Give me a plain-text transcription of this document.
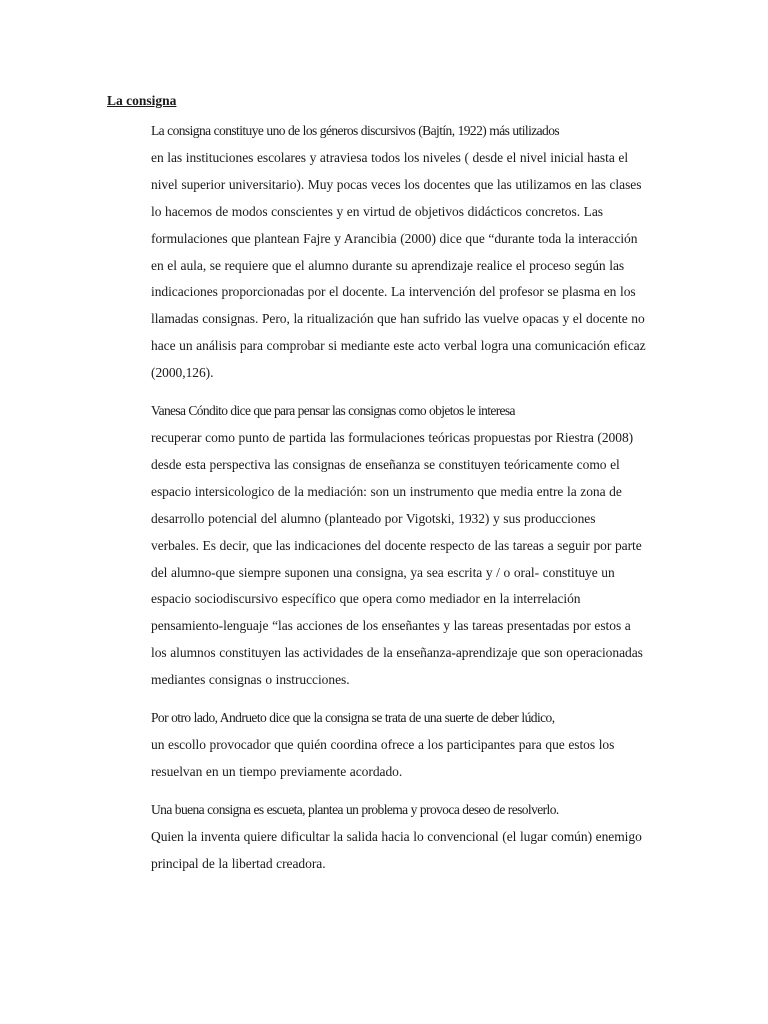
La consigna

La consigna constituye uno de los géneros discursivos (Bajtín, 1922) más utilizados
en las instituciones escolares y atraviesa todos los niveles ( desde el nivel inicial hasta el
nivel superior universitario). Muy pocas veces los docentes que las utilizamos en las clases
lo hacemos de modos conscientes y en virtud de objetivos didácticos concretos. Las
formulaciones que plantean Fajre y Arancibia (2000) dice que “durante toda la interacción
en el aula, se requiere que el alumno durante su aprendizaje realice el proceso según las
indicaciones proporcionadas por el docente. La intervención del profesor se plasma en los
llamadas consignas. Pero, la ritualización que han sufrido las vuelve opacas y el docente no
hace un análisis para comprobar si mediante este acto verbal logra una comunicación eficaz
(2000,126).

Vanesa Cóndito dice que para pensar las consignas como objetos le interesa
recuperar como punto de partida las formulaciones teóricas propuestas por Riestra (2008)
desde esta perspectiva las consignas de enseñanza se constituyen teóricamente como el
espacio intersicologico de la mediación: son un instrumento que media entre la zona de
desarrollo potencial del alumno (planteado por Vigotski, 1932) y sus producciones
verbales. Es decir, que las indicaciones del docente respecto de las tareas a seguir por parte
del alumno-que siempre suponen una consigna, ya sea escrita y / o oral- constituye un
espacio sociodiscursivo específico que opera como mediador en la interrelación
pensamiento-lenguaje “las acciones de los enseñantes y las tareas presentadas por estos a
los alumnos constituyen las actividades de la enseñanza-aprendizaje que son operacionadas
mediantes consignas o instrucciones.

Por otro lado, Andrueto dice que la consigna se trata de una suerte de deber lúdico,
un escollo provocador que quién coordina ofrece a los participantes para que estos los
resuelvan en un tiempo previamente acordado.

Una buena consigna es escueta, plantea un problema y provoca deseo de resolverlo.
Quien la inventa quiere dificultar la salida hacia lo convencional (el lugar común) enemigo
principal de la libertad creadora.
